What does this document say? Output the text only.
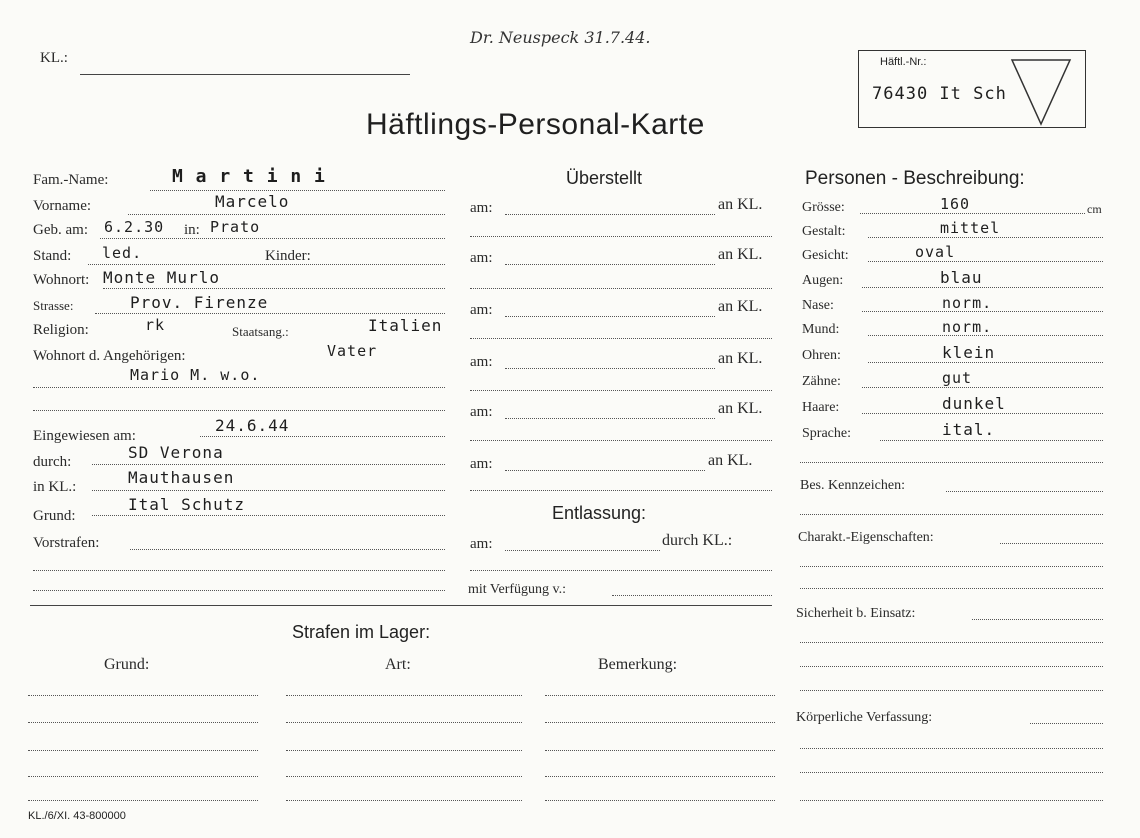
KL.:
Dr. Neuspeck 31.7.44.
Häftl.-Nr.:
76430 It Sch
Häftlings-Personal-Karte
Fam.-Name:	M a r t i n i
Vorname:	Marcelo
Geb. am: 6.2.30 in: Prato
Stand: led.	Kinder:
Wohnort: Monte Murlo
Strasse:	Prov. Firenze
Religion:	rk	Staatsang.:	Italien
Wohnort d. Angehörigen:	Vater
Mario M. w.o.
Eingewiesen am:
24.6.44
durch:	SD Verona
in KL.:	Mauthausen
Grund:
Ital Schutz
Vorstrafen:
Überstellt
am:	an KL.
am:	an KL.
am:	an KL.
am:	an KL.
am:	an KL.
am:	an KL.
Entlassung:
am:	durch KL.:
mit Verfügung v.:
Personen - Beschreibung:
Grösse:	160	cm
Gestalt:	mittel
Gesicht:	oval
Augen:	blau
Nase:	norm.
Mund:	norm.
Ohren:	klein
Zähne:	gut
Haare:	dunkel
Sprache:	ital.
Bes. Kennzeichen:
Charakt.-Eigenschaften:
Sicherheit b. Einsatz:
Körperliche Verfassung:
Strafen im Lager:
Grund:	Art:	Bemerkung:
KL./6/XI. 43-800000
